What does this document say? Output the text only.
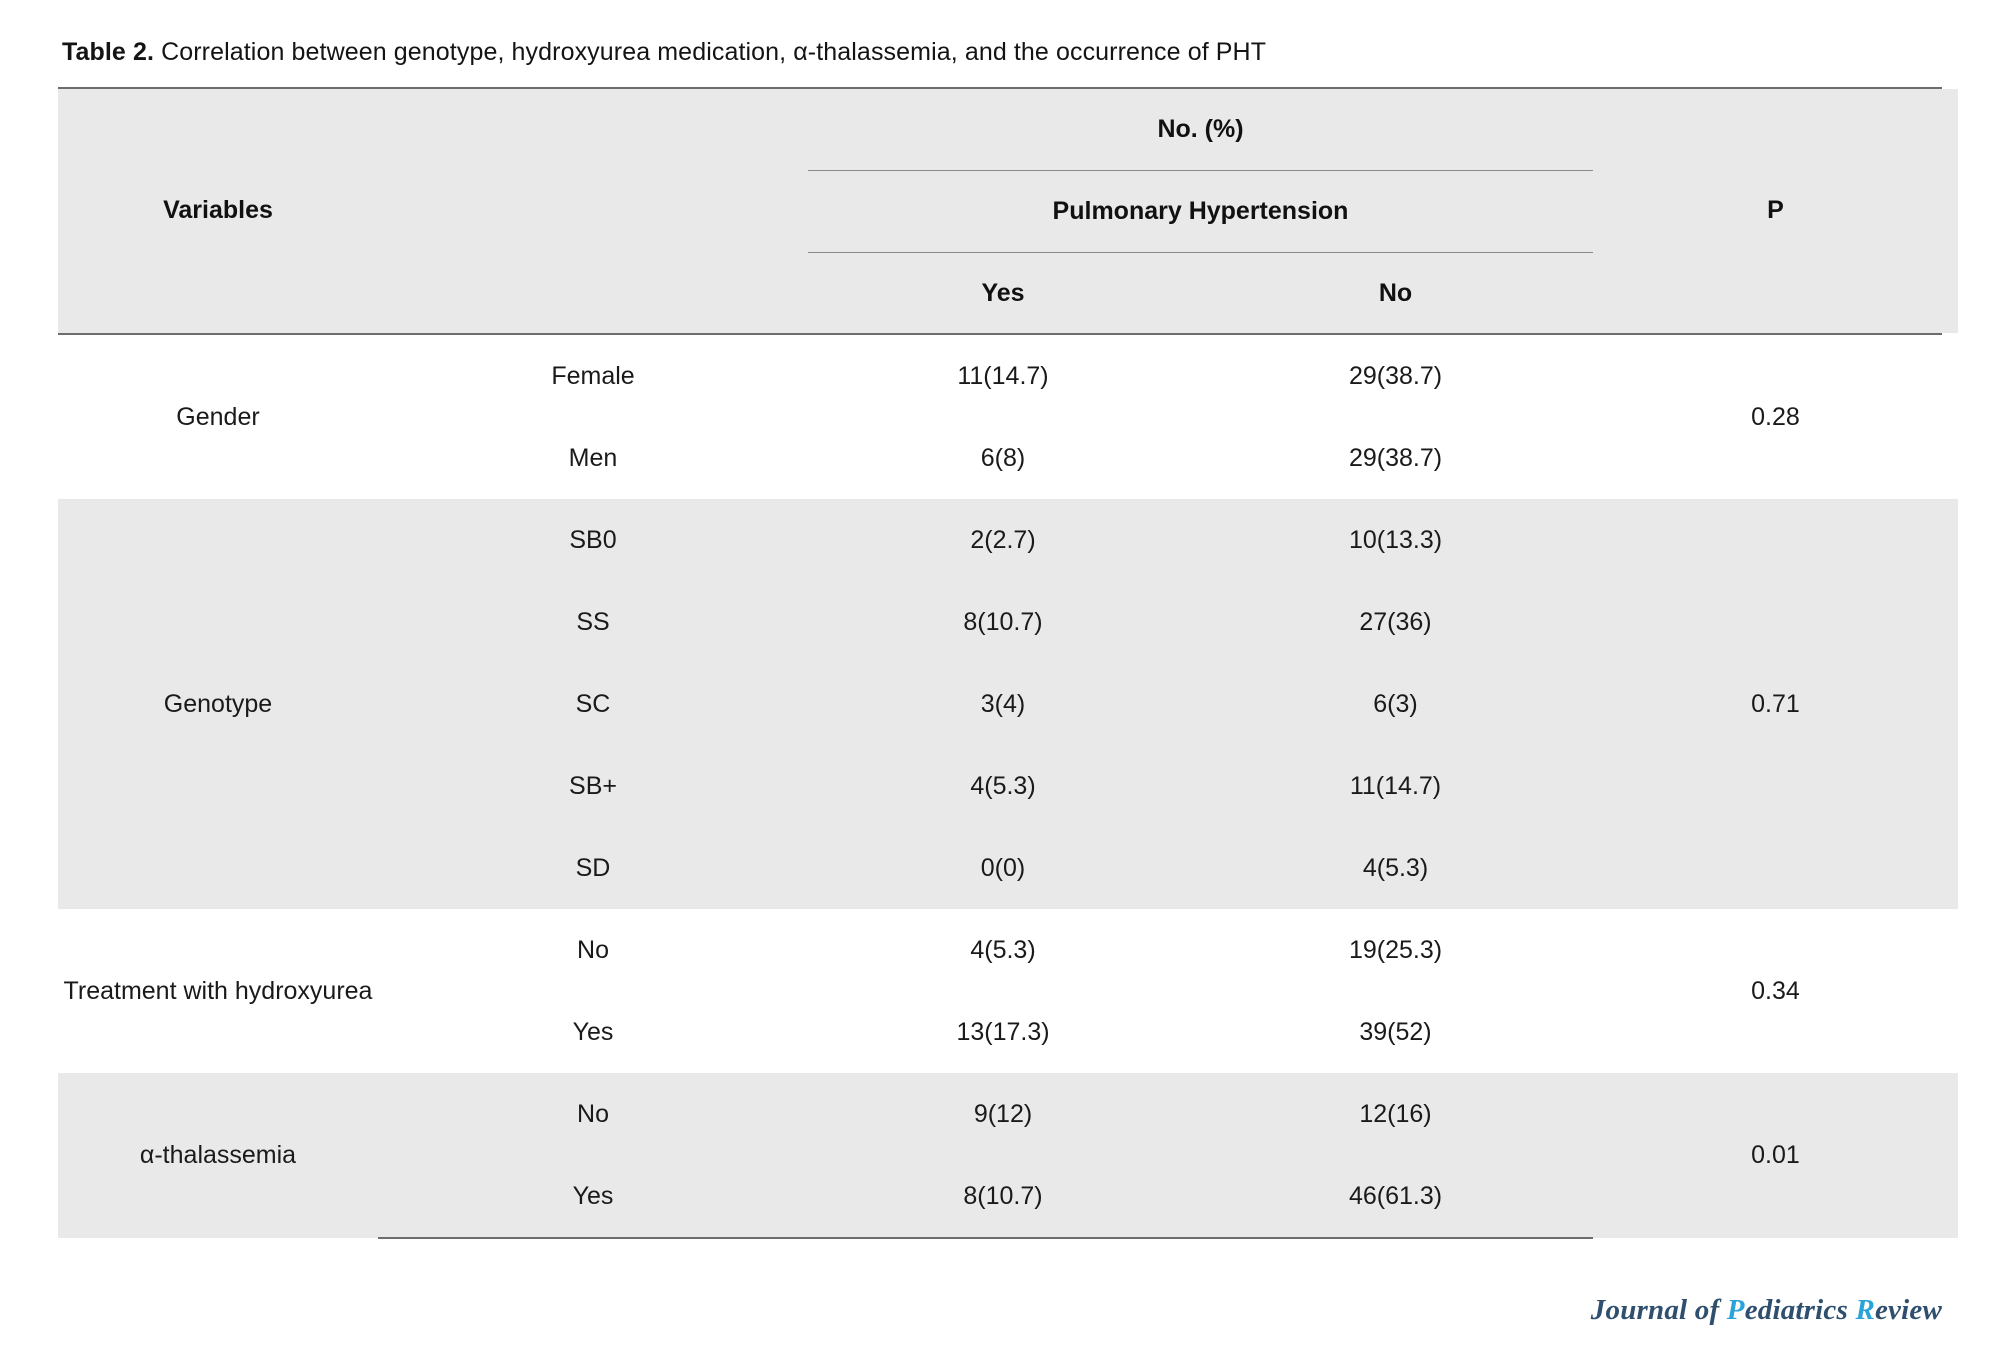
Table 2. Correlation between genotype, hydroxyurea medication, α-thalassemia, and the occurrence of PHT
Variables		No. (%)		P
		Pulmonary Hypertension		
		Yes	No	
Gender	Female	11(14.7)	29(38.7)	0.28
	Men	6(8)	29(38.7)	
Genotype	SB0	2(2.7)	10(13.3)	0.71
	SS	8(10.7)	27(36)	
	SC	3(4)	6(3)	
	SB+	4(5.3)	11(14.7)	
	SD	0(0)	4(5.3)	
Treatment with hydroxyurea	No	4(5.3)	19(25.3)	0.34
	Yes	13(17.3)	39(52)	
α-thalassemia	No	9(12)	12(16)	0.01
	Yes	8(10.7)	46(61.3)	
Journal of Pediatrics Review
